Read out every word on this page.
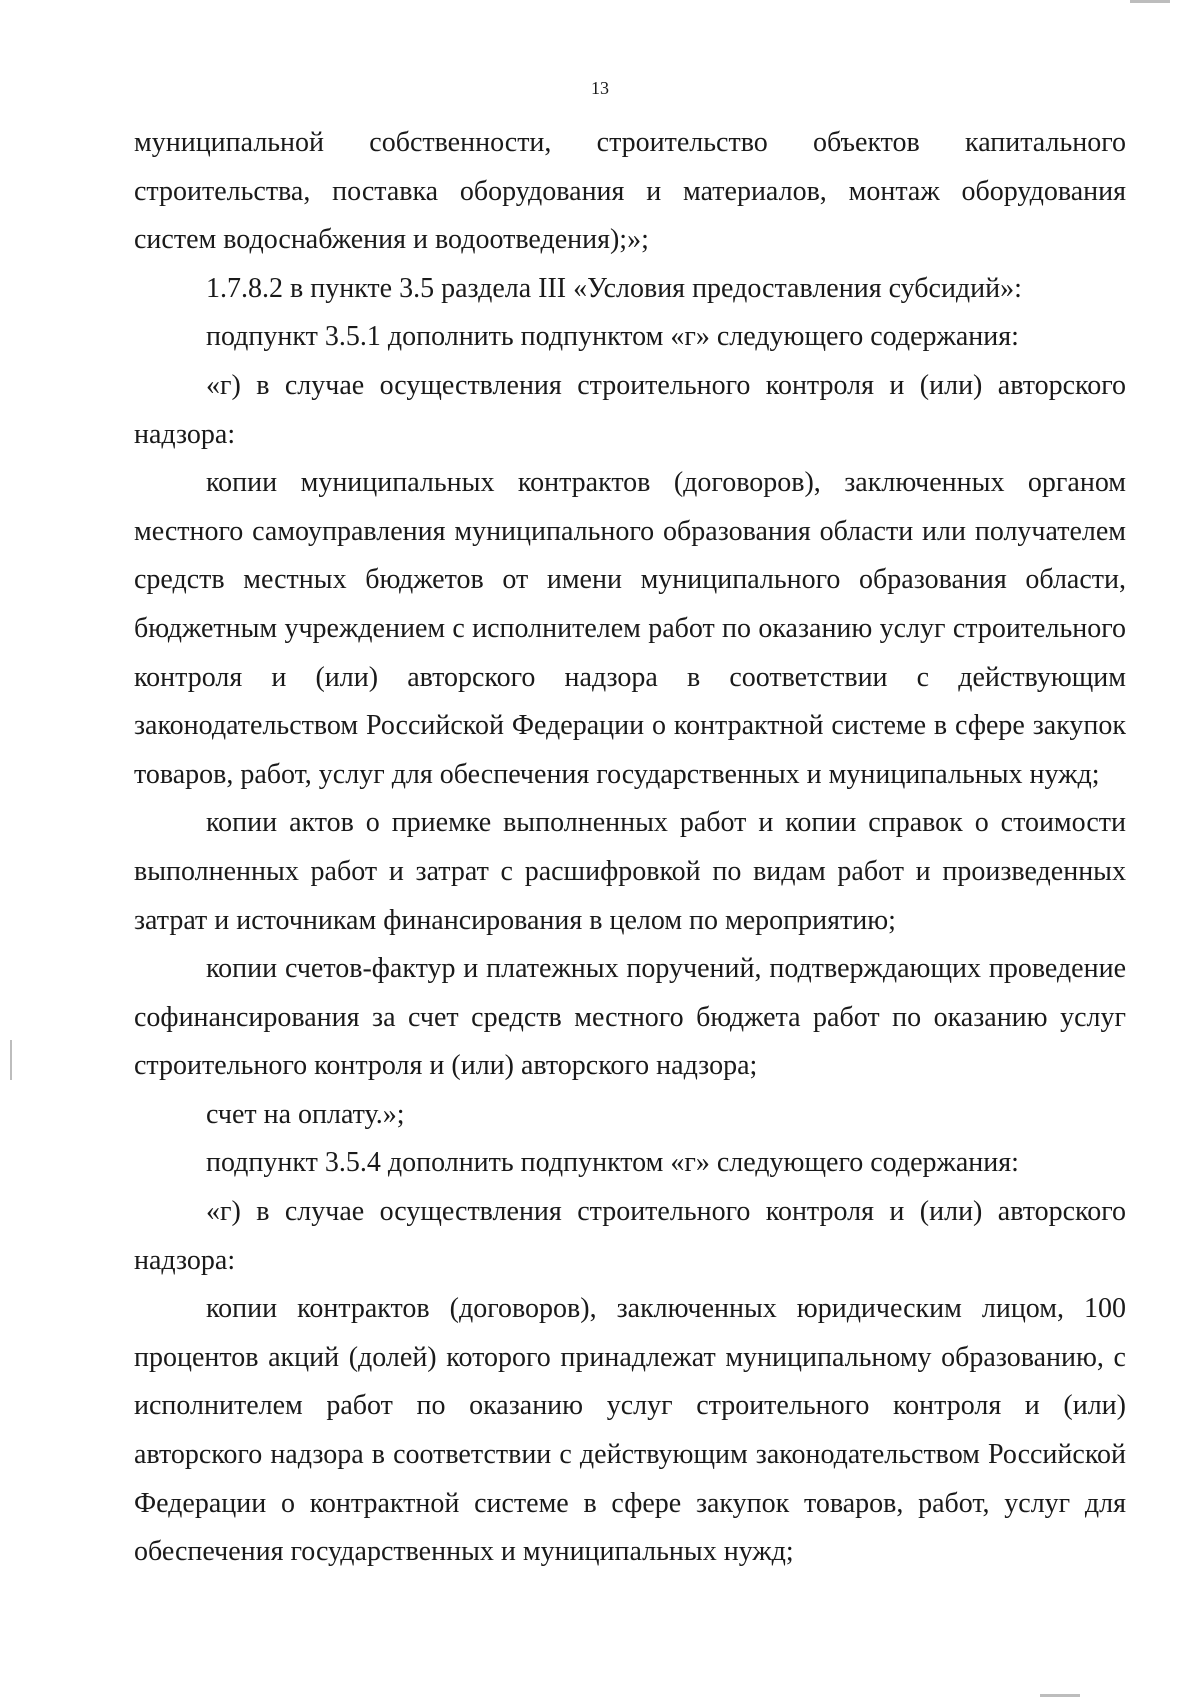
13

муниципальной собственности, строительство объектов капитального строительства, поставка оборудования и материалов, монтаж оборудования систем водоснабжения и водоотведения);»;

1.7.8.2 в пункте 3.5 раздела III «Условия предоставления субсидий»:

подпункт 3.5.1 дополнить подпунктом «г» следующего содержания:

«г) в случае осуществления строительного контроля и (или) авторского надзора:

копии муниципальных контрактов (договоров), заключенных органом местного самоуправления муниципального образования области или получателем средств местных бюджетов от имени муниципального образования области, бюджетным учреждением с исполнителем работ по оказанию услуг строительного контроля и (или) авторского надзора в соответствии с действующим законодательством Российской Федерации о контрактной системе в сфере закупок товаров, работ, услуг для обеспечения государственных и муниципальных нужд;

копии актов о приемке выполненных работ и копии справок о стоимости выполненных работ и затрат с расшифровкой по видам работ и произведенных затрат и источникам финансирования в целом по мероприятию;

копии счетов-фактур и платежных поручений, подтверждающих проведение софинансирования за счет средств местного бюджета работ по оказанию услуг строительного контроля и (или) авторского надзора;

счет на оплату.»;

подпункт 3.5.4 дополнить подпунктом «г» следующего содержания:

«г) в случае осуществления строительного контроля и (или) авторского надзора:

копии контрактов (договоров), заключенных юридическим лицом, 100 процентов акций (долей) которого принадлежат муниципальному образованию, с исполнителем работ по оказанию услуг строительного контроля и (или) авторского надзора в соответствии с действующим законодательством Российской Федерации о контрактной системе в сфере закупок товаров, работ, услуг для обеспечения государственных и муниципальных нужд;
